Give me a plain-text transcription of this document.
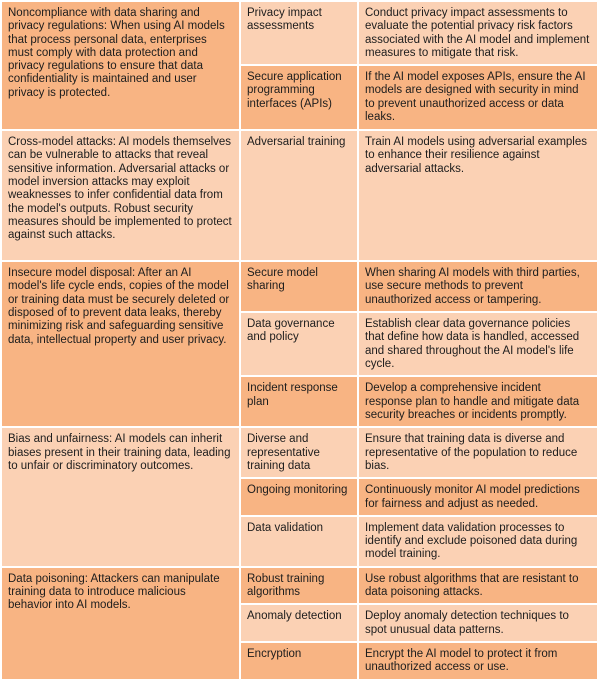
Noncompliance with data sharing and privacy regulations: When using AI models that process personal data, enterprises must comply with data protection and privacy regulations to ensure that data confidentiality is maintained and user privacy is protected.	Privacy impact assessments	Conduct privacy impact assessments to evaluate the potential privacy risk factors associated with the AI model and implement measures to mitigate that risk.
	Secure application programming interfaces (APIs)	If the AI model exposes APIs, ensure the AI models are designed with security in mind to prevent unauthorized access or data leaks.
Cross-model attacks: AI models themselves can be vulnerable to attacks that reveal sensitive information. Adversarial attacks or model inversion attacks may exploit weaknesses to infer confidential data from the model's outputs. Robust security measures should be implemented to protect against such attacks.	Adversarial training	Train AI models using adversarial examples to enhance their resilience against adversarial attacks.
Insecure model disposal: After an AI model's life cycle ends, copies of the model or training data must be securely deleted or disposed of to prevent data leaks, thereby minimizing risk and safeguarding sensitive data, intellectual property and user privacy.	Secure model sharing	When sharing AI models with third parties, use secure methods to prevent unauthorized access or tampering.
	Data governance and policy	Establish clear data governance policies that define how data is handled, accessed and shared throughout the AI model's life cycle.
	Incident response plan	Develop a comprehensive incident response plan to handle and mitigate data security breaches or incidents promptly.
Bias and unfairness: AI models can inherit biases present in their training data, leading to unfair or discriminatory outcomes.	Diverse and representative training data	Ensure that training data is diverse and representative of the population to reduce bias.
	Ongoing monitoring	Continuously monitor AI model predictions for fairness and adjust as needed.
	Data validation	Implement data validation processes to identify and exclude poisoned data during model training.
Data poisoning: Attackers can manipulate training data to introduce malicious behavior into AI models.	Robust training algorithms	Use robust algorithms that are resistant to data poisoning attacks.
	Anomaly detection	Deploy anomaly detection techniques to spot unusual data patterns.
	Encryption	Encrypt the AI model to protect it from unauthorized access or use.
